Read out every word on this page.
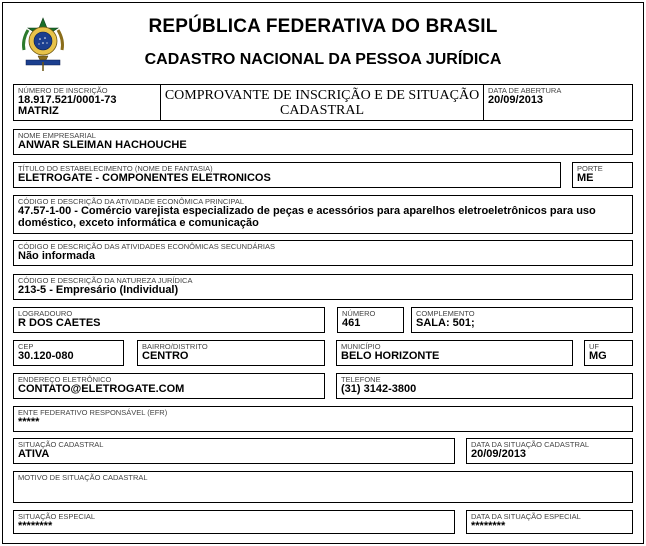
REPÚBLICA FEDERATIVA DO BRASIL
CADASTRO NACIONAL DA PESSOA JURÍDICA
NÚMERO DE INSCRIÇÃO
18.917.521/0001-73
MATRIZ
COMPROVANTE DE INSCRIÇÃO E DE SITUAÇÃO
CADASTRAL
DATA DE ABERTURA
20/09/2013
NOME EMPRESARIAL
ANWAR SLEIMAN HACHOUCHE
TÍTULO DO ESTABELECIMENTO (NOME DE FANTASIA)
ELETROGATE - COMPONENTES ELETRONICOS
PORTE
ME
CÓDIGO E DESCRIÇÃO DA ATIVIDADE ECONÔMICA PRINCIPAL
47.57-1-00 - Comércio varejista especializado de peças e acessórios para aparelhos eletroeletrônicos para uso doméstico, exceto informática e comunicação
CÓDIGO E DESCRIÇÃO DAS ATIVIDADES ECONÔMICAS SECUNDÁRIAS
Não informada
CÓDIGO E DESCRIÇÃO DA NATUREZA JURÍDICA
213-5 - Empresário (Individual)
LOGRADOURO
R DOS CAETES
NÚMERO
461
COMPLEMENTO
SALA: 501;
CEP
30.120-080
BAIRRO/DISTRITO
CENTRO
MUNICÍPIO
BELO HORIZONTE
UF
MG
ENDEREÇO ELETRÔNICO
CONTATO@ELETROGATE.COM
TELEFONE
(31) 3142-3800
ENTE FEDERATIVO RESPONSÁVEL (EFR)
*****
SITUAÇÃO CADASTRAL
ATIVA
DATA DA SITUAÇÃO CADASTRAL
20/09/2013
MOTIVO DE SITUAÇÃO CADASTRAL
SITUAÇÃO ESPECIAL
********
DATA DA SITUAÇÃO ESPECIAL
********
